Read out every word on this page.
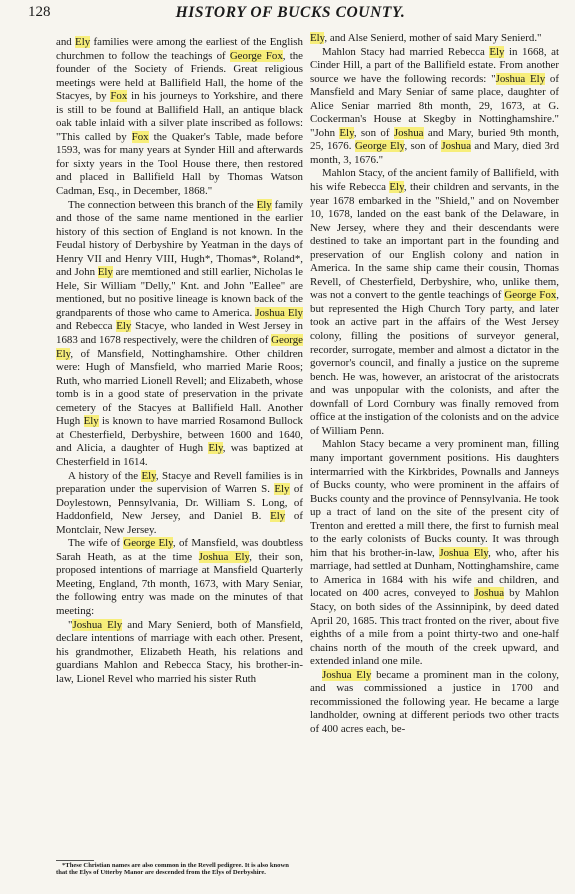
128	HISTORY OF BUCKS COUNTY.

and Ely families were among the earliest of the English churchmen to follow the teachings of George Fox, the founder of the Society of Friends. Great religious meetings were held at Ballifield Hall, the home of the Stacyes, by Fox in his journeys to Yorkshire, and there is still to be found at Ballifield Hall, an antique black oak table inlaid with a silver plate inscribed as follows: "This called by Fox the Quaker's Table, made before 1593, was for many years at Synder Hill and afterwards for sixty years in the Tool House there, then restored and placed in Ballifield Hall by Thomas Watson Cadman, Esq., in December, 1868."

The connection between this branch of the Ely family and those of the same name mentioned in the earlier history of this section of England is not known. In the Feudal history of Derbyshire by Yeatman in the days of Henry VII and Henry VIII, Hugh*, Thomas*, Roland*, and John Ely are memtioned and still earlier, Nicholas le Hele, Sir William "Delly," Knt. and John "Eallee" are mentioned, but no positive lineage is known back of the grandparents of those who came to America. Joshua Ely and Rebecca Ely Stacye, who landed in West Jersey in 1683 and 1678 respectively, were the children of George Ely, of Mansfield, Nottinghamshire. Other children were: Hugh of Mansfield, who married Marie Roos; Ruth, who married Lionell Revell; and Elizabeth, whose tomb is in a good state of preservation in the private cemetery of the Stacyes at Ballifield Hall. Another Hugh Ely is known to have married Rosamond Bullock at Chesterfield, Derbyshire, between 1600 and 1640, and Alicia, a daughter of Hugh Ely, was baptized at Chesterfield in 1614.

A history of the Ely, Stacye and Revell families is in preparation under the supervision of Warren S. Ely of Doylestown, Pennsylvania, Dr. William S. Long, of Haddonfield, New Jersey, and Daniel B. Ely of Montclair, New Jersey.

The wife of George Ely, of Mansfield, was doubtless Sarah Heath, as at the time Joshua Ely, their son, proposed intentions of marriage at Mansfield Quarterly Meeting, England, 7th month, 1673, with Mary Seniar, the following entry was made on the minutes of that meeting:

"Joshua Ely and Mary Senierd, both of Mansfield, declare intentions of marriage with each other. Present, his grandmother, Elizabeth Heath, his relations and guardians Mahlon and Rebecca Stacy, his brother-in-law, Lionel Revel who married his sister Ruth

Ely, and Alse Senierd, mother of said Mary Senierd."

Mahlon Stacy had married Rebecca Ely in 1668, at Cinder Hill, a part of the Ballifield estate. From another source we have the following records: "Joshua Ely of Mansfield and Mary Seniar of same place, daughter of Alice Seniar married 8th month, 29, 1673, at G. Cockerman's House at Skegby in Nottinghamshire." "John Ely, son of Joshua and Mary, buried 9th month, 25, 1676. George Ely, son of Joshua and Mary, died 3rd month, 3, 1676."

Mahlon Stacy, of the ancient family of Ballifield, with his wife Rebecca Ely, their children and servants, in the year 1678 embarked in the "Shield," and on November 10, 1678, landed on the east bank of the Delaware, in New Jersey, where they and their descendants were destined to take an important part in the founding and preservation of our English colony and nation in America. In the same ship came their cousin, Thomas Revell, of Chesterfield, Derbyshire, who, unlike them, was not a convert to the gentle teachings of George Fox, but represented the High Church Tory party, and later took an active part in the affairs of the West Jersey colony, filling the positions of surveyor general, recorder, surrogate, member and almost a dictator in the governor's council, and finally a justice on the supreme bench. He was, however, an aristocrat of the aristocrats and was unpopular with the colonists, and after the downfall of Lord Cornbury was finally removed from office at the instigation of the colonists and on the advice of William Penn.

Mahlon Stacy became a very prominent man, filling many important government positions. His daughters intermarried with the Kirkbrides, Pownalls and Janneys of Bucks county, who were prominent in the affairs of Bucks county and the province of Pennsylvania. He took up a tract of land on the site of the present city of Trenton and eretted a mill there, the first to furnish meal to the early colonists of Bucks county. It was through him that his brother-in-law, Joshua Ely, who, after his marriage, had settled at Dunham, Nottinghamshire, came to America in 1684 with his wife and children, and located on 400 acres, conveyed to Joshua by Mahlon Stacy, on both sides of the Assinnipink, by deed dated April 20, 1685. This tract fronted on the river, about five eighths of a mile from a point thirty-two and one-half chains north of the mouth of the creek upward, and extended inland one mile.

Joshua Ely became a prominent man in the colony, and was commissioned a justice in 1700 and recommissioned the following year. He became a large landholder, owning at different periods two other tracts of 400 acres each, be-

*These Christian names are also common in the Revell pedigree. It is also known that the Elys of Utterby Manor are descended from the Elys of Derbyshire.
